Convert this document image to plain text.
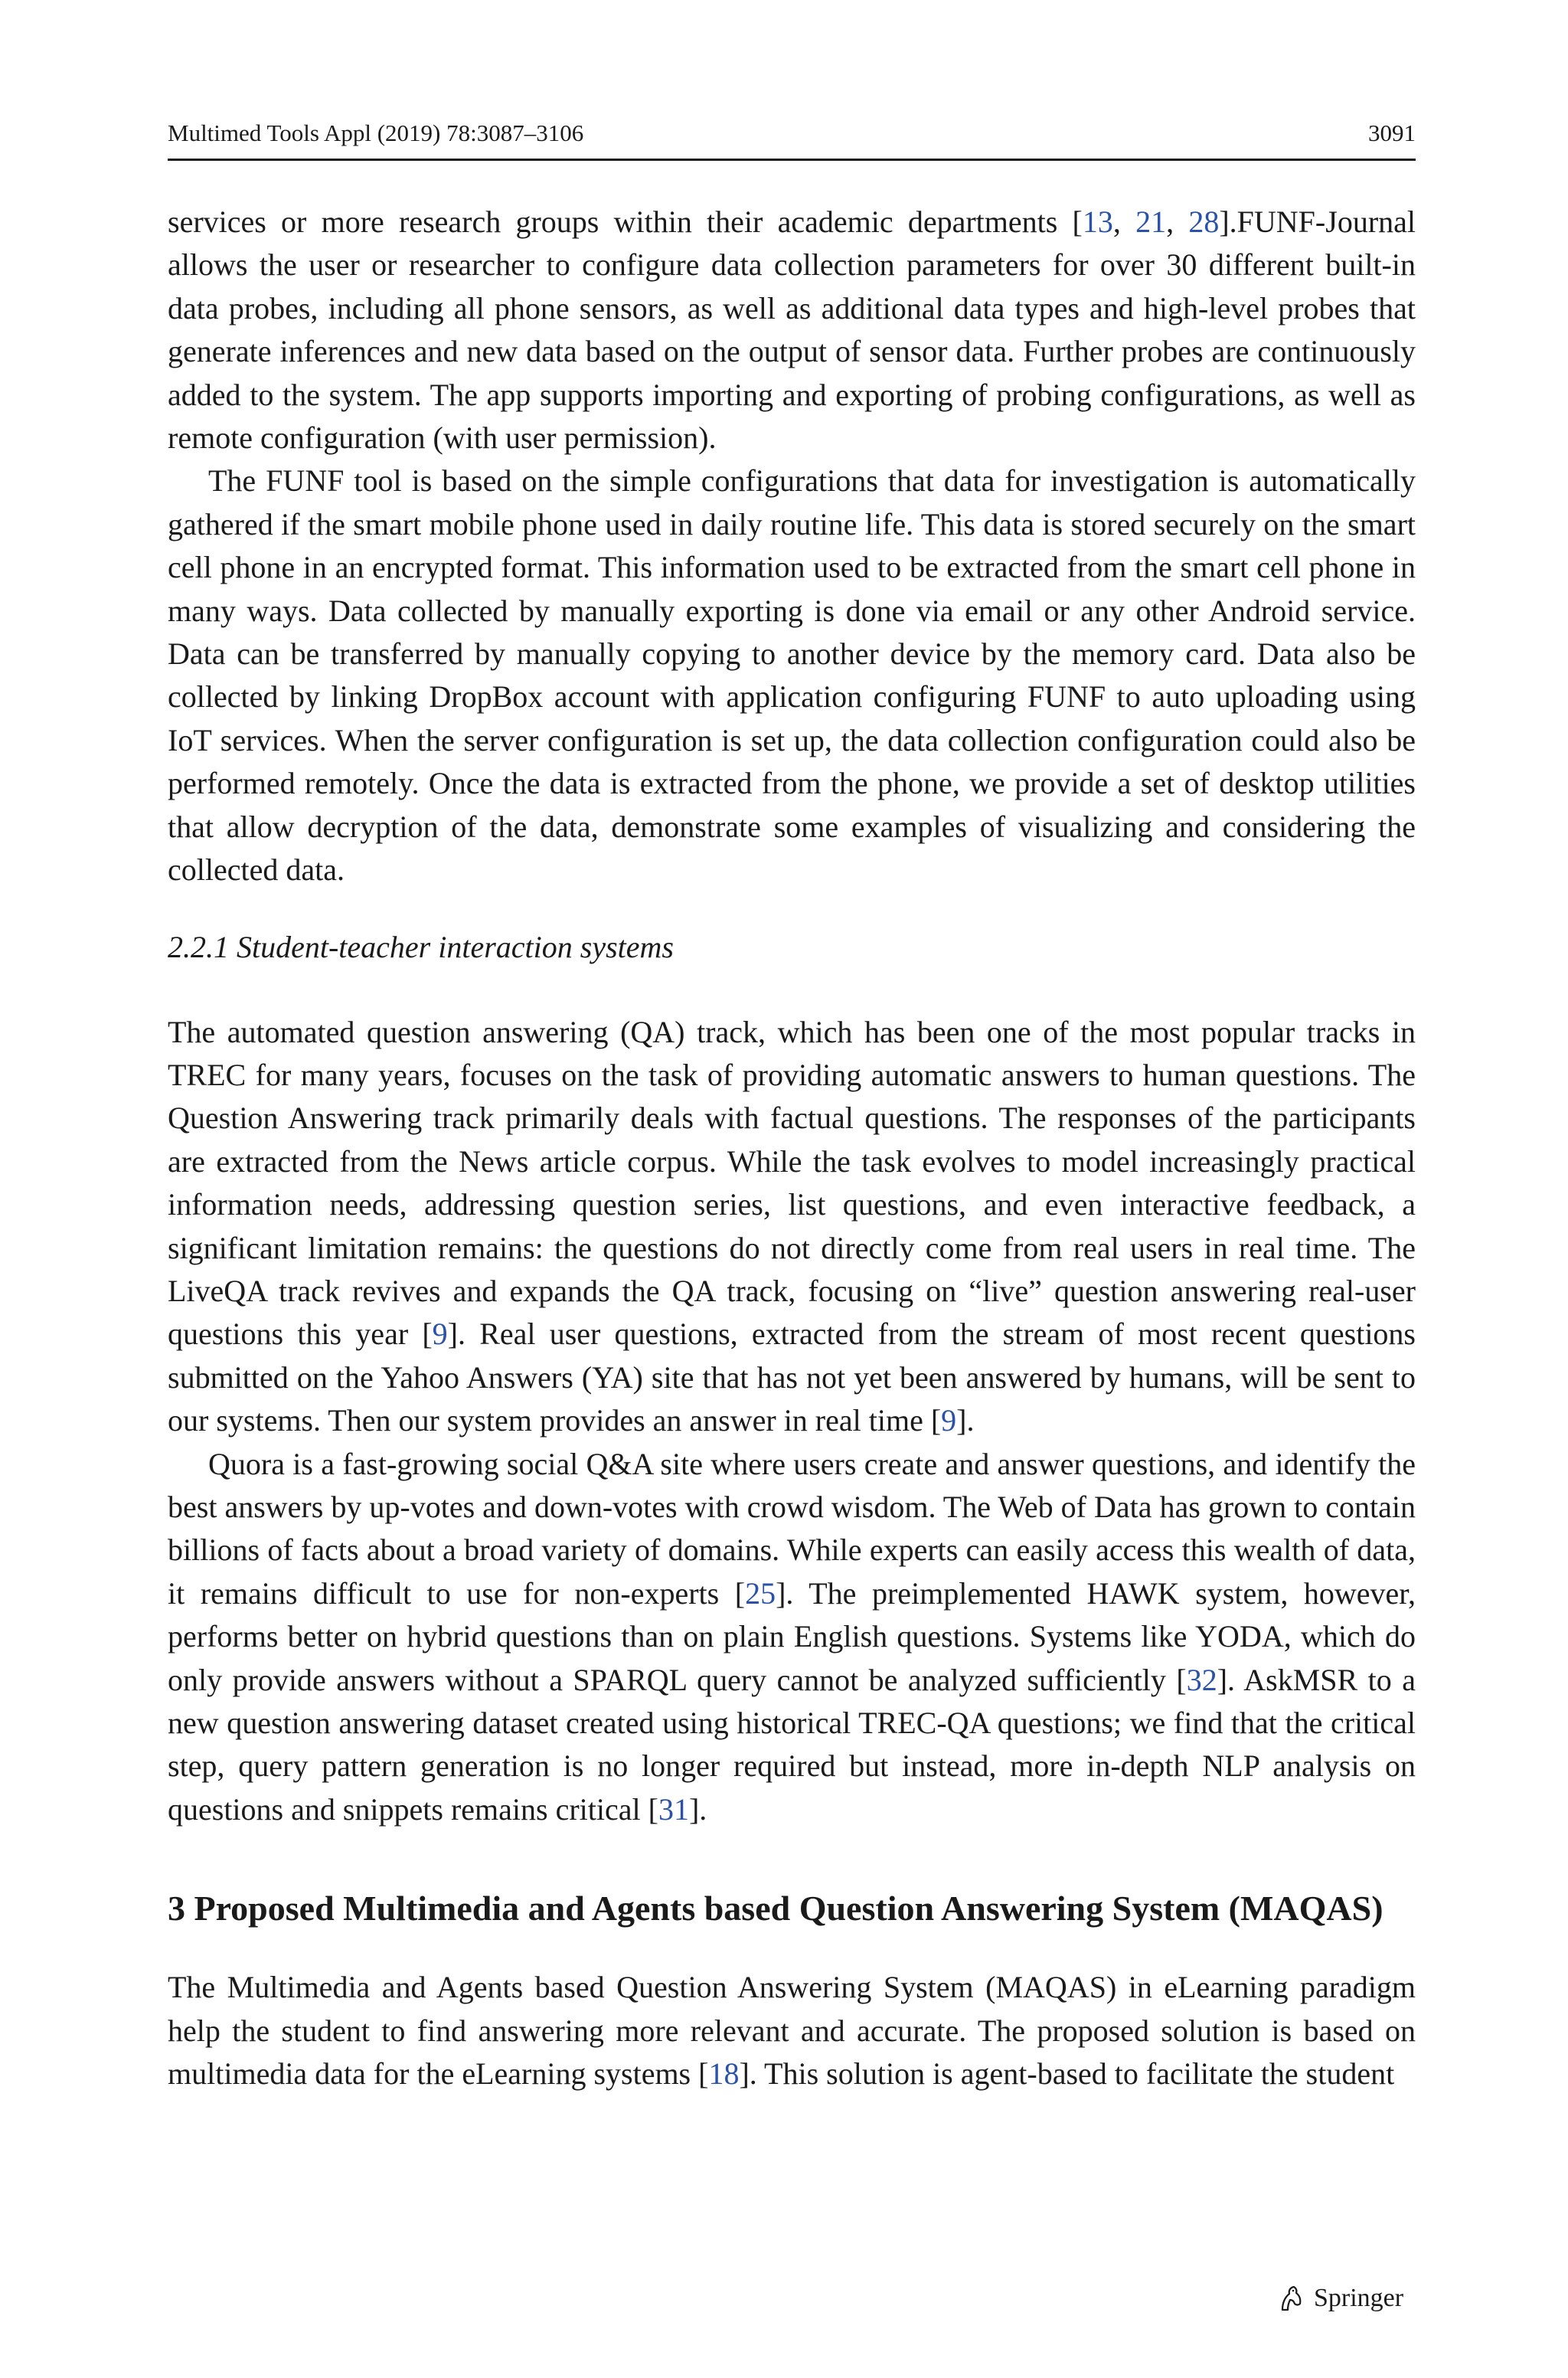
Multimed Tools Appl (2019) 78:3087–3106	3091

services or more research groups within their academic departments [13, 21, 28].FUNF-Journal allows the user or researcher to configure data collection parameters for over 30 different built-in data probes, including all phone sensors, as well as additional data types and high-level probes that generate inferences and new data based on the output of sensor data. Further probes are continuously added to the system. The app supports importing and exporting of probing configurations, as well as remote configuration (with user permission).

The FUNF tool is based on the simple configurations that data for investigation is automatically gathered if the smart mobile phone used in daily routine life. This data is stored securely on the smart cell phone in an encrypted format. This information used to be extracted from the smart cell phone in many ways. Data collected by manually exporting is done via email or any other Android service. Data can be transferred by manually copying to another device by the memory card. Data also be collected by linking DropBox account with application configuring FUNF to auto uploading using IoT services. When the server configuration is set up, the data collection configuration could also be performed remotely. Once the data is extracted from the phone, we provide a set of desktop utilities that allow decryption of the data, demonstrate some examples of visualizing and considering the collected data.

2.2.1 Student-teacher interaction systems

The automated question answering (QA) track, which has been one of the most popular tracks in TREC for many years, focuses on the task of providing automatic answers to human questions. The Question Answering track primarily deals with factual questions. The responses of the participants are extracted from the News article corpus. While the task evolves to model increasingly practical information needs, addressing question series, list questions, and even interactive feedback, a significant limitation remains: the questions do not directly come from real users in real time. The LiveQA track revives and expands the QA track, focusing on “live” question answering real-user questions this year [9]. Real user questions, extracted from the stream of most recent questions submitted on the Yahoo Answers (YA) site that has not yet been answered by humans, will be sent to our systems. Then our system provides an answer in real time [9].

Quora is a fast-growing social Q&A site where users create and answer questions, and identify the best answers by up-votes and down-votes with crowd wisdom. The Web of Data has grown to contain billions of facts about a broad variety of domains. While experts can easily access this wealth of data, it remains difficult to use for non-experts [25]. The preimplemented HAWK system, however, performs better on hybrid questions than on plain English questions. Systems like YODA, which do only provide answers without a SPARQL query cannot be analyzed sufficiently [32]. AskMSR to a new question answering dataset created using historical TREC-QA questions; we find that the critical step, query pattern generation is no longer required but instead, more in-depth NLP analysis on questions and snippets remains critical [31].

3 Proposed Multimedia and Agents based Question Answering System (MAQAS)

The Multimedia and Agents based Question Answering System (MAQAS) in eLearning paradigm help the student to find answering more relevant and accurate. The proposed solution is based on multimedia data for the eLearning systems [18]. This solution is agent-based to facilitate the student

Springer
